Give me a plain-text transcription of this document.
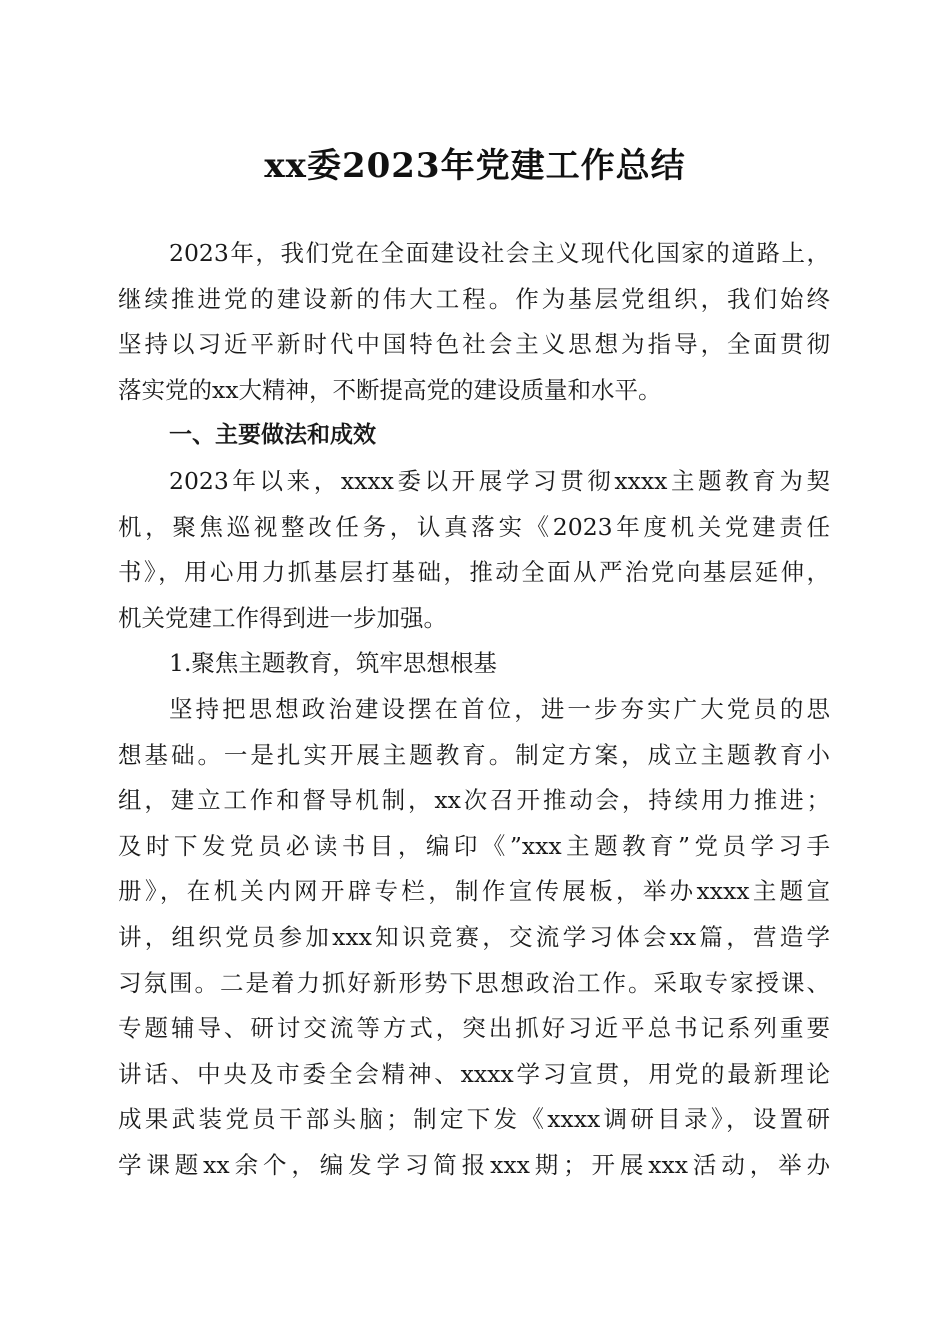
xx委2023年党建工作总结
2023年，我们党在全面建设社会主义现代化国家的道路上，
继续推进党的建设新的伟大工程。作为基层党组织，我们始终
坚持以习近平新时代中国特色社会主义思想为指导，全面贯彻
落实党的xx大精神，不断提高党的建设质量和水平。
一、主要做法和成效
2023年以来，xxxx委以开展学习贯彻xxxx主题教育为契
机，聚焦巡视整改任务，认真落实《2023年度机关党建责任
书》，用心用力抓基层打基础，推动全面从严治党向基层延伸，
机关党建工作得到进一步加强。
1.聚焦主题教育，筑牢思想根基
坚持把思想政治建设摆在首位，进一步夯实广大党员的思
想基础。一是扎实开展主题教育。制定方案，成立主题教育小
组，建立工作和督导机制，xx次召开推动会，持续用力推进；
及时下发党员必读书目，编印《”xxx主题教育”党员学习手
册》，在机关内网开辟专栏，制作宣传展板，举办xxxx主题宣
讲，组织党员参加xxx知识竞赛，交流学习体会xx篇，营造学
习氛围。二是着力抓好新形势下思想政治工作。采取专家授课、
专题辅导、研讨交流等方式，突出抓好习近平总书记系列重要
讲话、中央及市委全会精神、xxxx学习宣贯，用党的最新理论
成果武装党员干部头脑；制定下发《xxxx调研目录》，设置研
学课题xx余个，编发学习简报xxx期；开展xxx活动，举办
